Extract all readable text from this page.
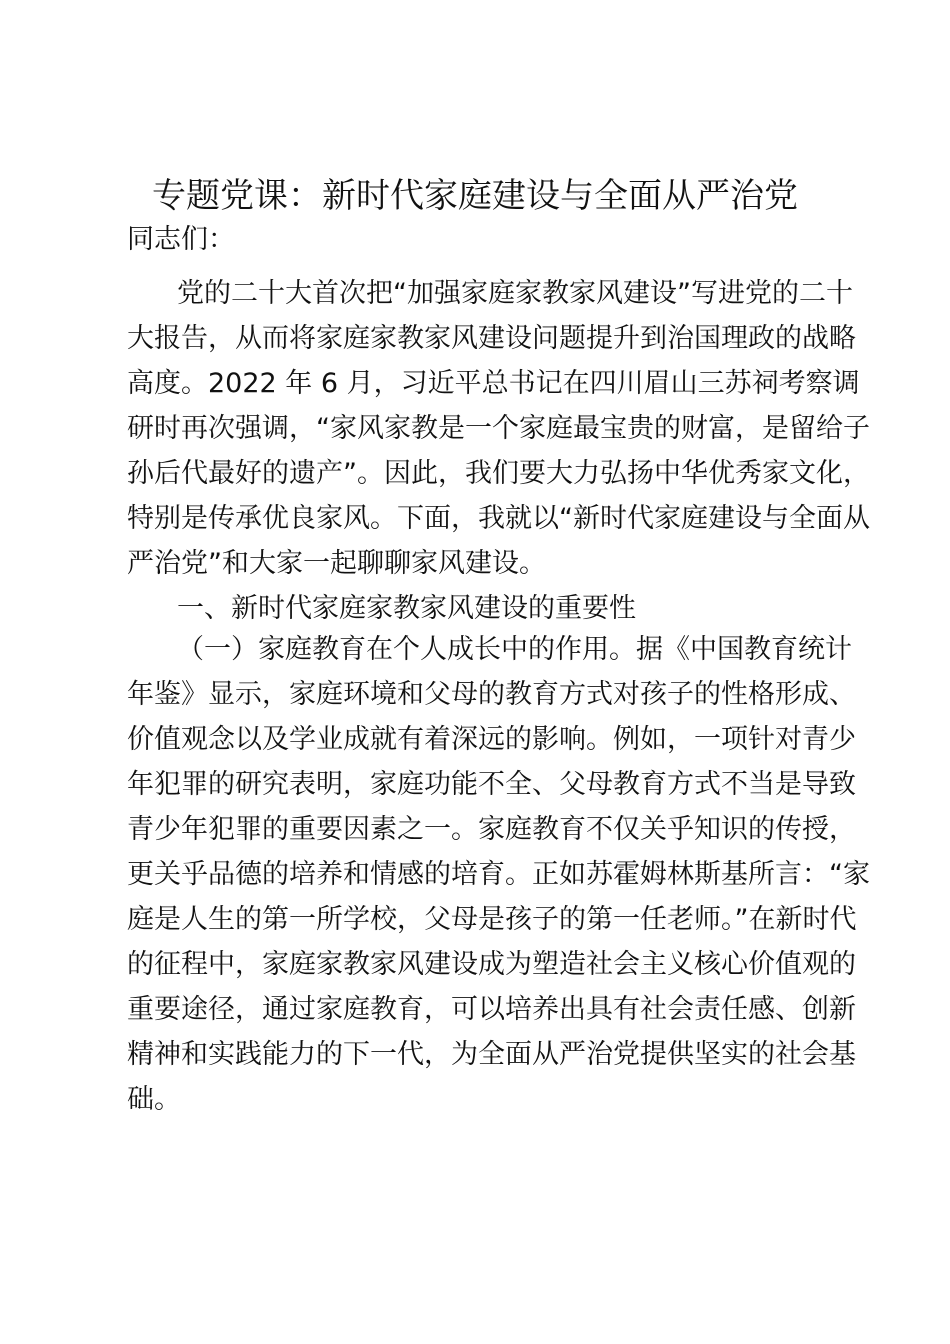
专题党课：新时代家庭建设与全面从严治党
同志们：
党的二十大首次把“加强家庭家教家风建设”写进党的二十
大报告，从而将家庭家教家风建设问题提升到治国理政的战略
高度。2022 年 6 月，习近平总书记在四川眉山三苏祠考察调
研时再次强调，“家风家教是一个家庭最宝贵的财富，是留给子
孙后代最好的遗产”。因此，我们要大力弘扬中华优秀家文化，
特别是传承优良家风。下面，我就以“新时代家庭建设与全面从
严治党”和大家一起聊聊家风建设。
一、新时代家庭家教家风建设的重要性
（一）家庭教育在个人成长中的作用。据《中国教育统计
年鉴》显示，家庭环境和父母的教育方式对孩子的性格形成、
价值观念以及学业成就有着深远的影响。例如，一项针对青少
年犯罪的研究表明，家庭功能不全、父母教育方式不当是导致
青少年犯罪的重要因素之一。家庭教育不仅关乎知识的传授，
更关乎品德的培养和情感的培育。正如苏霍姆林斯基所言：“家
庭是人生的第一所学校，父母是孩子的第一任老师。”在新时代
的征程中，家庭家教家风建设成为塑造社会主义核心价值观的
重要途径，通过家庭教育，可以培养出具有社会责任感、创新
精神和实践能力的下一代，为全面从严治党提供坚实的社会基
础。
